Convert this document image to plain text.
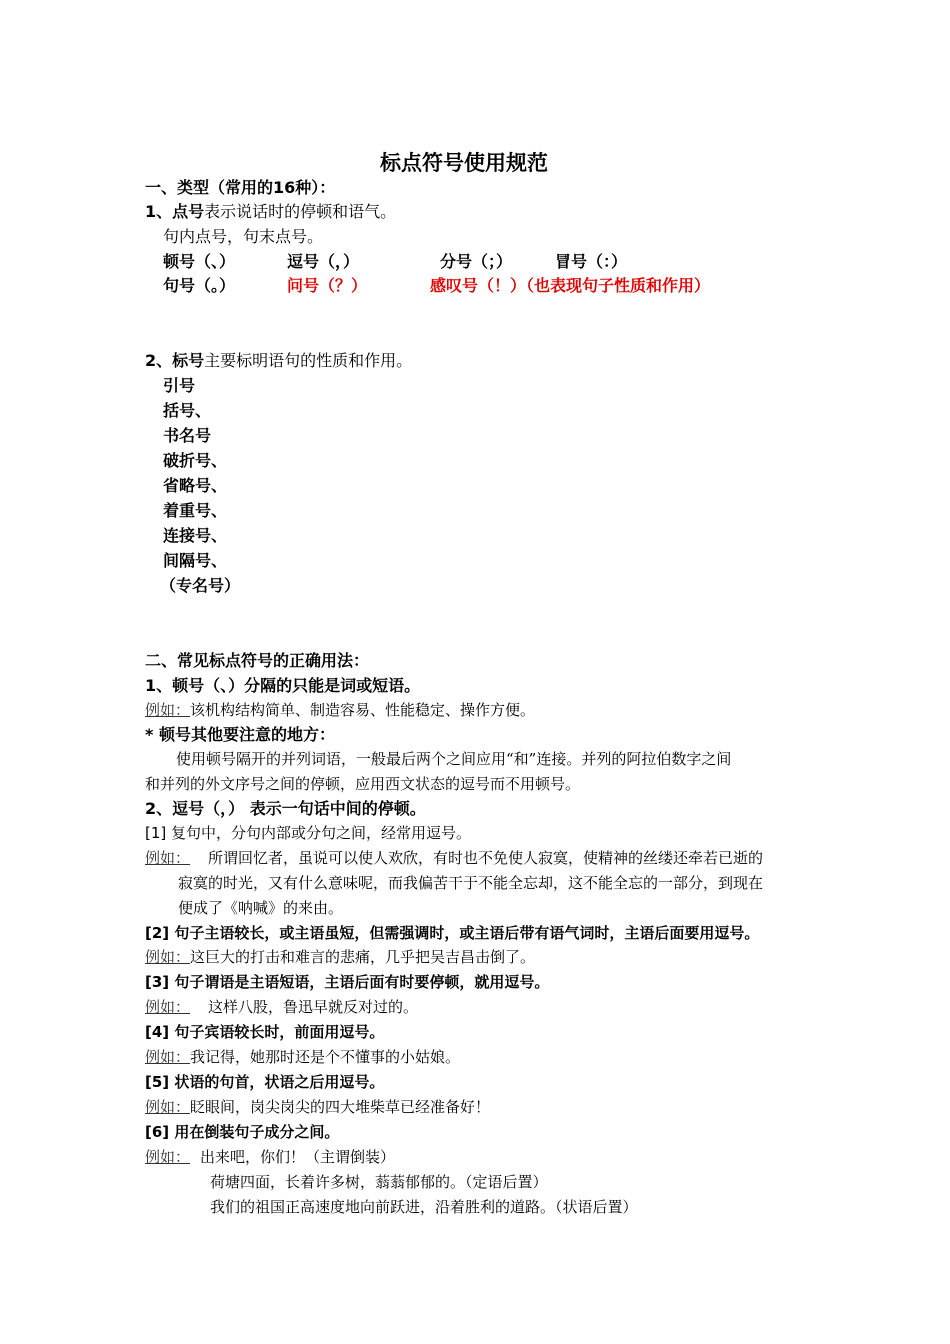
标点符号使用规范
一、类型（常用的16种）：
1、点号表示说话时的停顿和语气。
句内点号，句末点号。
顿号（、）	逗号（，）	分号（；）	冒号（：）
句号（。）	问号（？）	感叹号（！）（也表现句子性质和作用）
2、标号主要标明语句的性质和作用。
引号
括号、
书名号
破折号、
省略号、
着重号、
连接号、
间隔号、
（专名号）
二、常见标点符号的正确用法：
1、顿号（、）分隔的只能是词或短语。
例如：该机构结构简单、制造容易、性能稳定、操作方便。
* 顿号其他要注意的地方：
使用顿号隔开的并列词语，一般最后两个之间应用“和”连接。并列的阿拉伯数字之间
和并列的外文序号之间的停顿，应用西文状态的逗号而不用顿号。
2、逗号（，） 表示一句话中间的停顿。
[1] 复句中，分句内部或分句之间，经常用逗号。
例如： 所谓回忆者，虽说可以使人欢欣，有时也不免使人寂寞，使精神的丝缕还牵若已逝的
寂寞的时光，又有什么意味呢，而我偏苦干于不能全忘却，这不能全忘的一部分，到现在
便成了《呐喊》的来由。
[2] 句子主语较长，或主语虽短，但需强调时，或主语后带有语气词时，主语后面要用逗号。
例如：这巨大的打击和难言的悲痛，几乎把吴吉昌击倒了。
[3] 句子谓语是主语短语，主语后面有时要停顿，就用逗号。
例如： 这样八股，鲁迅早就反对过的。
[4] 句子宾语较长时，前面用逗号。
例如：我记得，她那时还是个不懂事的小姑娘。
[5] 状语的句首，状语之后用逗号。
例如：眨眼间，岗尖岗尖的四大堆柴草已经准备好！
[6] 用在倒装句子成分之间。
例如： 出来吧，你们！（主谓倒装）
荷塘四面，长着许多树，蓊蓊郁郁的。（定语后置）
我们的祖国正高速度地向前跃进，沿着胜利的道路。（状语后置）
